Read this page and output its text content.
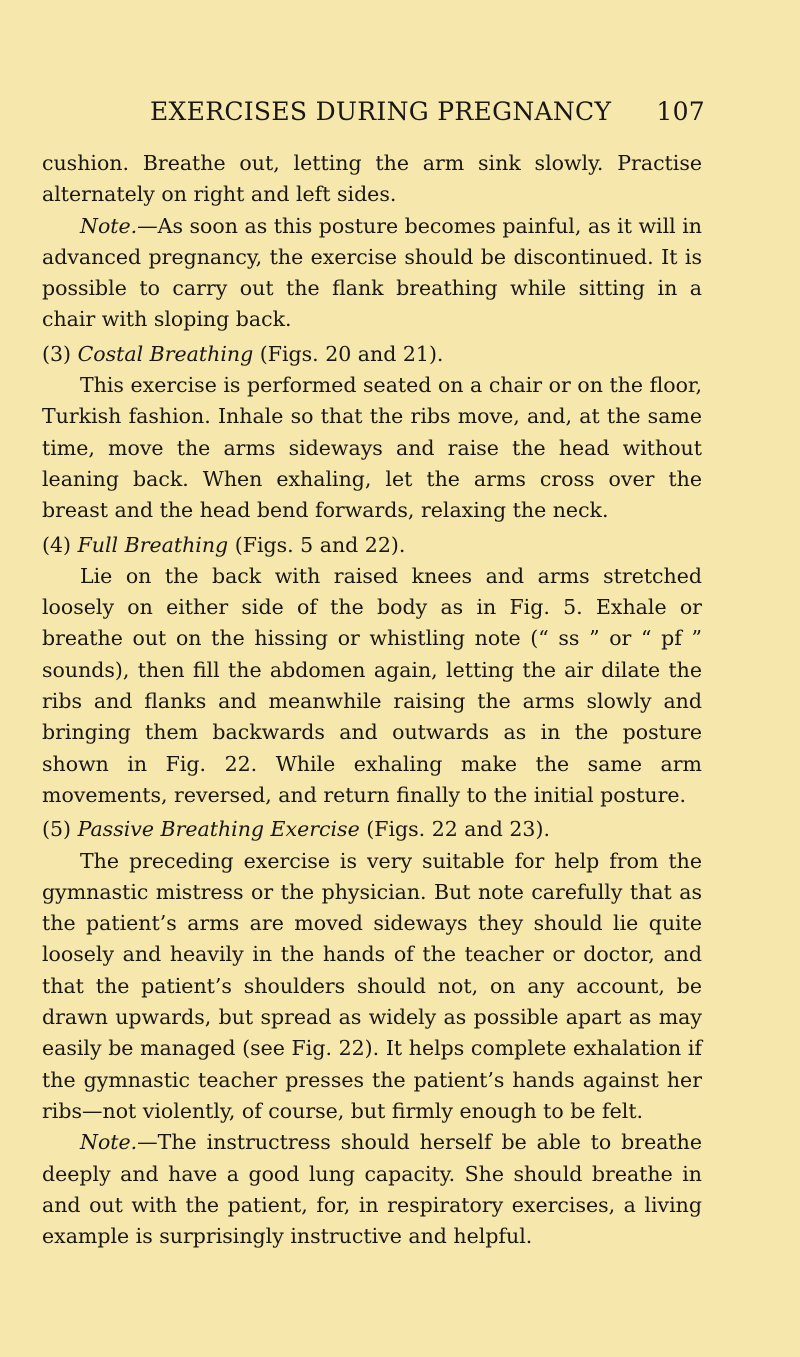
EXERCISES DURING PREGNANCY 107

cushion. Breathe out, letting the arm sink slowly. Practise alternately on right and left sides.

Note.—As soon as this posture becomes painful, as it will in advanced pregnancy, the exercise should be discontinued. It is possible to carry out the flank breathing while sitting in a chair with sloping back.

(3) Costal Breathing (Figs. 20 and 21).

This exercise is performed seated on a chair or on the floor, Turkish fashion. Inhale so that the ribs move, and, at the same time, move the arms sideways and raise the head without leaning back. When exhaling, let the arms cross over the breast and the head bend forwards, relaxing the neck.

(4) Full Breathing (Figs. 5 and 22).

Lie on the back with raised knees and arms stretched loosely on either side of the body as in Fig. 5. Exhale or breathe out on the hissing or whistling note (“ ss ” or “ pf ” sounds), then fill the abdomen again, letting the air dilate the ribs and flanks and meanwhile raising the arms slowly and bringing them backwards and outwards as in the posture shown in Fig. 22. While exhaling make the same arm movements, reversed, and return finally to the initial posture.

(5) Passive Breathing Exercise (Figs. 22 and 23).

The preceding exercise is very suitable for help from the gymnastic mistress or the physician. But note carefully that as the patient’s arms are moved sideways they should lie quite loosely and heavily in the hands of the teacher or doctor, and that the patient’s shoulders should not, on any account, be drawn upwards, but spread as widely as possible apart as may easily be managed (see Fig. 22). It helps complete exhalation if the gymnastic teacher presses the patient’s hands against her ribs—not violently, of course, but firmly enough to be felt.

Note.—The instructress should herself be able to breathe deeply and have a good lung capacity. She should breathe in and out with the patient, for, in respiratory exercises, a living example is surprisingly instructive and helpful.
